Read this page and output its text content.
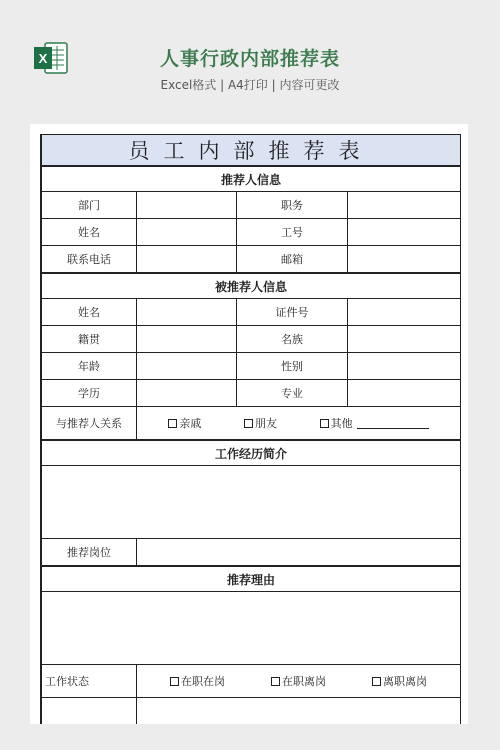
X	人事行政内部推荐表
Excel格式 | A4打印 | 内容可更改
员工内部推荐表			
推荐人信息			
部门		职务	
姓名		工号	
联系电话		邮箱	
被推荐人信息			
姓名		证件号	
籍贯		名族	
年龄		性别	
学历		专业	
与推荐人关系	亲戚 朋友 其他		

工作经历简介			

推荐岗位			
推荐理由			

工作状态	在职在岗 在职离岗 离职离岗		
